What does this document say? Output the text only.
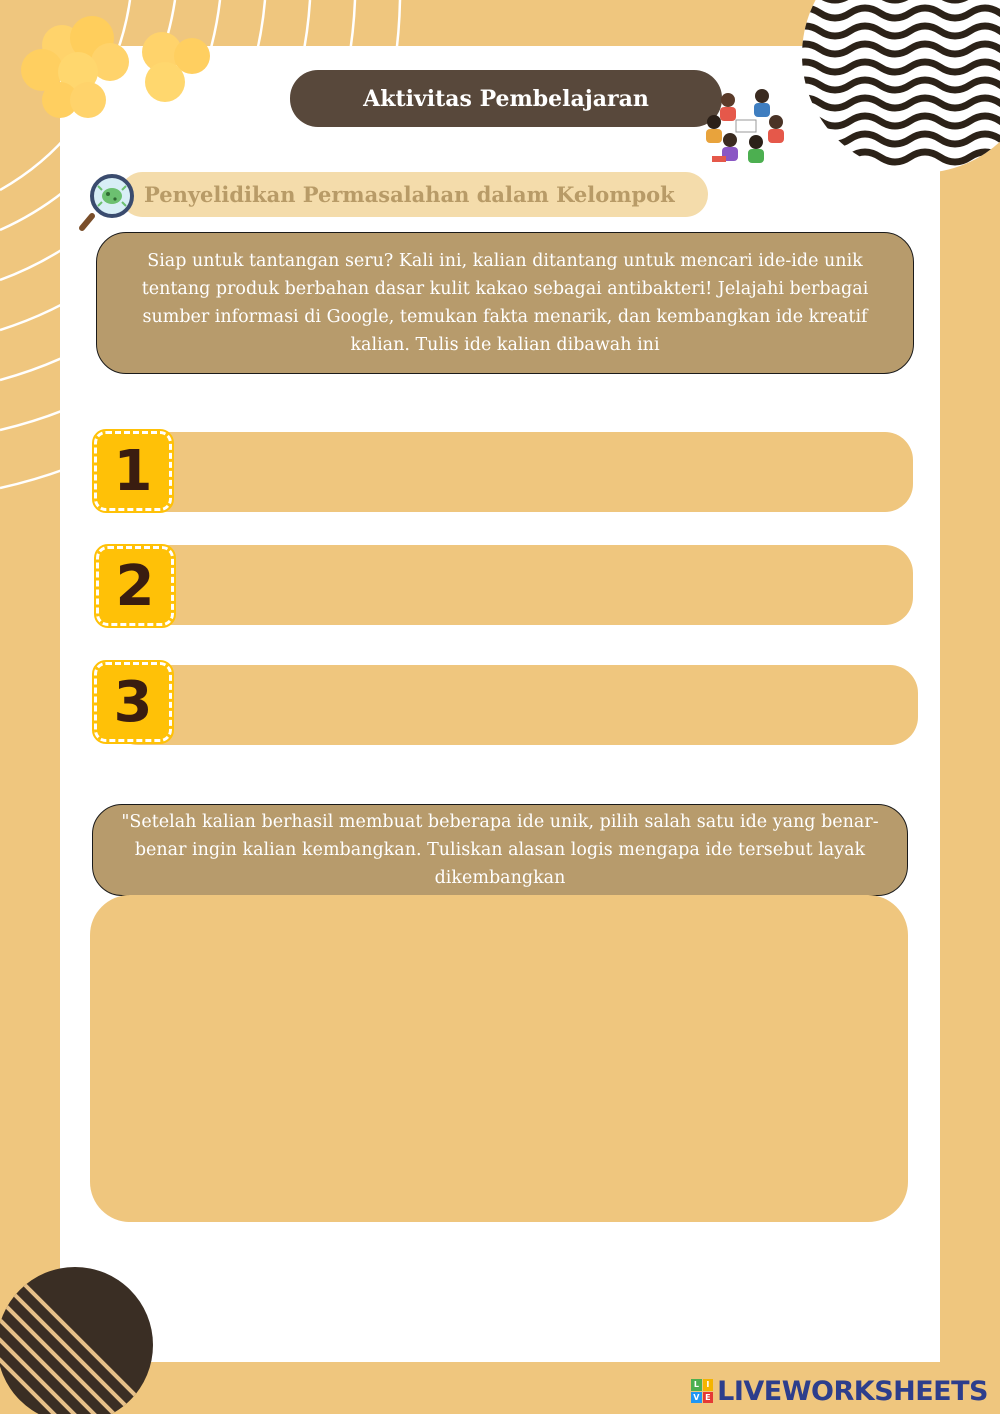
Aktivitas Pembelajaran
Penyelidikan Permasalahan dalam Kelompok
Siap untuk tantangan seru? Kali ini, kalian ditantang untuk mencari ide-ide unik tentang produk berbahan dasar kulit kakao sebagai antibakteri! Jelajahi berbagai sumber informasi di Google, temukan fakta menarik, dan kembangkan ide kreatif kalian. Tulis ide kalian dibawah ini
1
2
3
"Setelah kalian berhasil membuat beberapa ide unik, pilih salah satu ide yang benar-benar ingin kalian kembangkan. Tuliskan alasan logis mengapa ide tersebut layak dikembangkan
L I
V E LIVEWORKSHEETS
